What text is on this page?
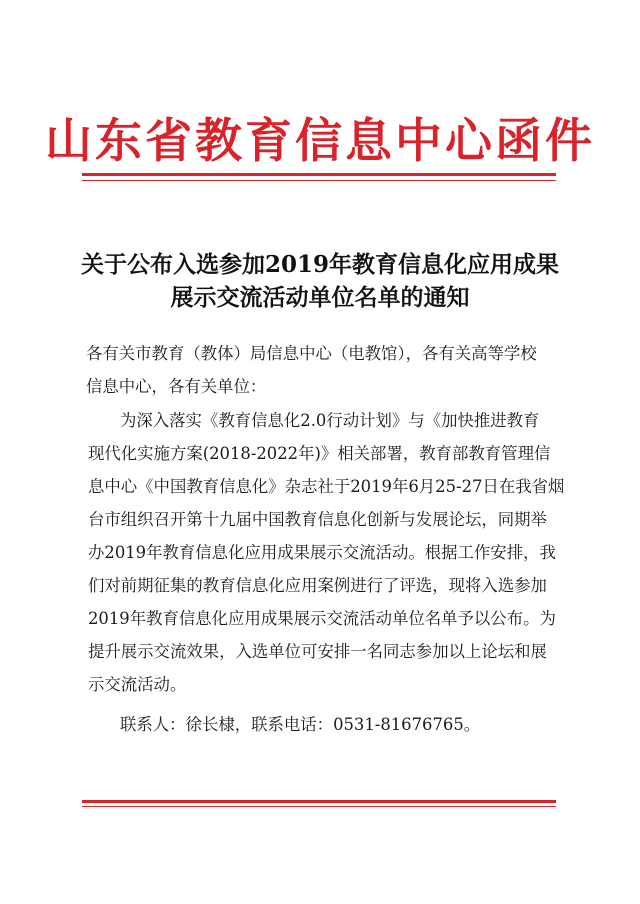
山东省教育信息中心函件
关于公布入选参加2019年教育信息化应用成果
展示交流活动单位名单的通知
各有关市教育（教体）局信息中心（电教馆），各有关高等学校
信息中心，各有关单位：
为深入落实《教育信息化2.0行动计划》与《加快推进教育
现代化实施方案(2018-2022年)》相关部署，教育部教育管理信
息中心《中国教育信息化》杂志社于2019年6月25-27日在我省烟
台市组织召开第十九届中国教育信息化创新与发展论坛，同期举
办2019年教育信息化应用成果展示交流活动。根据工作安排，我
们对前期征集的教育信息化应用案例进行了评选，现将入选参加
2019年教育信息化应用成果展示交流活动单位名单予以公布。为
提升展示交流效果，入选单位可安排一名同志参加以上论坛和展
示交流活动。
联系人：徐长棣，联系电话：0531-81676765。
